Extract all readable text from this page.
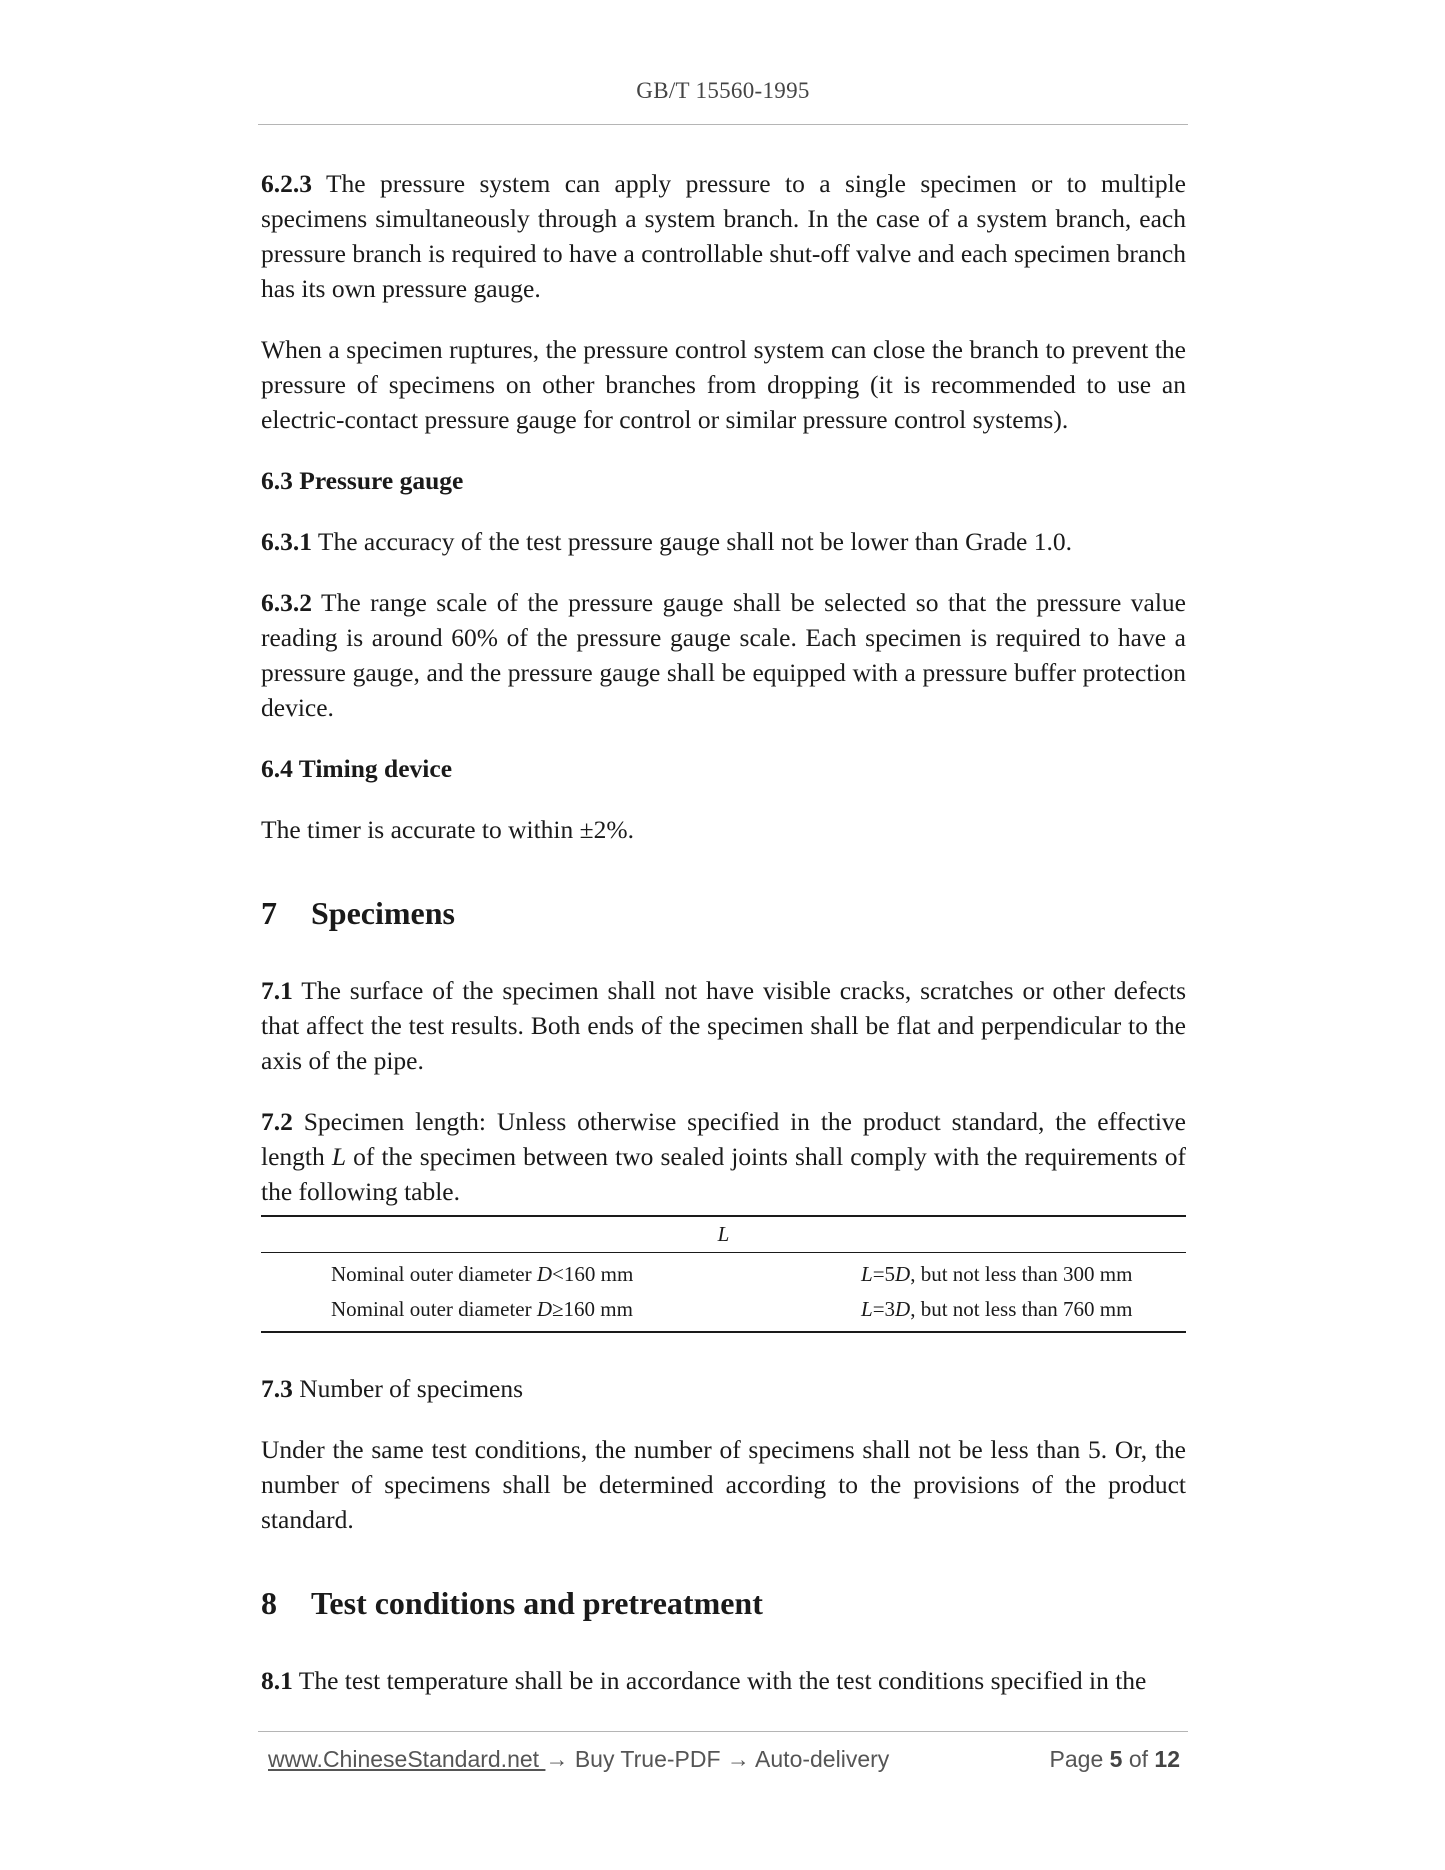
GB/T 15560-1995

6.2.3 The pressure system can apply pressure to a single specimen or to multiple specimens simultaneously through a system branch. In the case of a system branch, each pressure branch is required to have a controllable shut-off valve and each specimen branch has its own pressure gauge.

When a specimen ruptures, the pressure control system can close the branch to prevent the pressure of specimens on other branches from dropping (it is recommended to use an electric-contact pressure gauge for control or similar pressure control systems).

6.3 Pressure gauge

6.3.1 The accuracy of the test pressure gauge shall not be lower than Grade 1.0.

6.3.2 The range scale of the pressure gauge shall be selected so that the pressure value reading is around 60% of the pressure gauge scale. Each specimen is required to have a pressure gauge, and the pressure gauge shall be equipped with a pressure buffer protection device.

6.4 Timing device

The timer is accurate to within ±2%.

7 Specimens

7.1 The surface of the specimen shall not have visible cracks, scratches or other defects that affect the test results. Both ends of the specimen shall be flat and perpendicular to the axis of the pipe.

7.2 Specimen length: Unless otherwise specified in the product standard, the effective length L of the specimen between two sealed joints shall comply with the requirements of the following table.

L	
Nominal outer diameter D<160 mm	L=5D, but not less than 300 mm
Nominal outer diameter D≥160 mm	L=3D, but not less than 760 mm

7.3 Number of specimens

Under the same test conditions, the number of specimens shall not be less than 5. Or, the number of specimens shall be determined according to the provisions of the product standard.

8 Test conditions and pretreatment

8.1 The test temperature shall be in accordance with the test conditions specified in the

www.ChineseStandard.net → Buy True-PDF → Auto-delivery	Page 5 of 12
